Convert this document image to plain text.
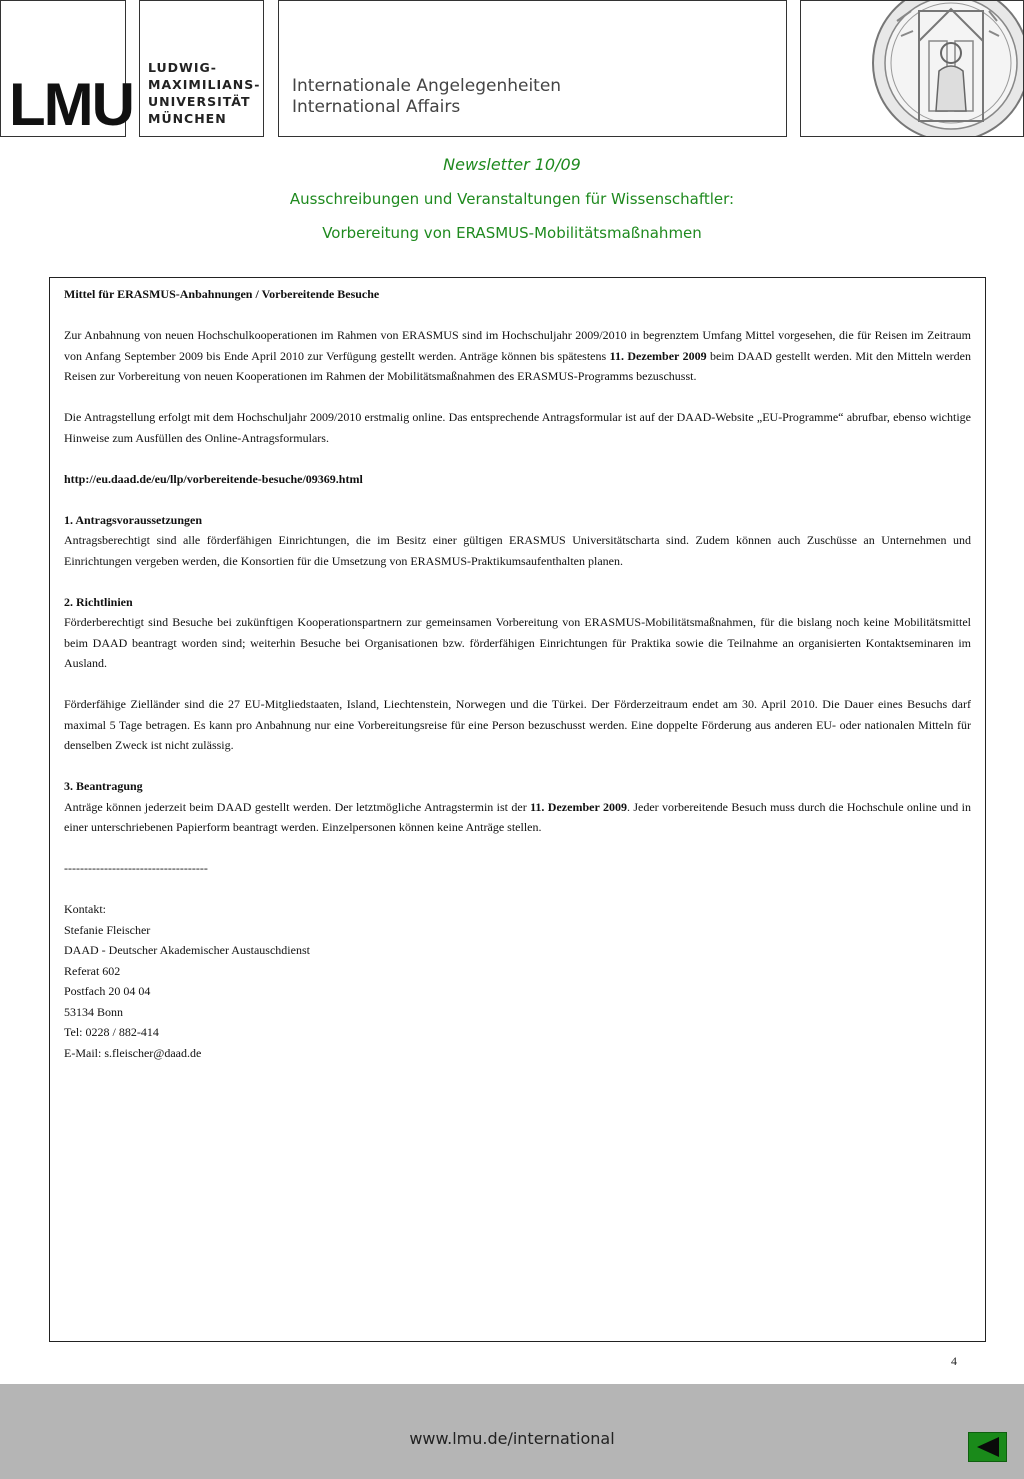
LMU
LUDWIG-
MAXIMILIANS-
UNIVERSITÄT
MÜNCHEN
Internationale Angelegenheiten
International Affairs
Newsletter 10/09
Ausschreibungen und Veranstaltungen für Wissenschaftler:
Vorbereitung von ERASMUS-Mobilitätsmaßnahmen

Mittel für ERASMUS-Anbahnungen / Vorbereitende Besuche

Zur Anbahnung von neuen Hochschulkooperationen im Rahmen von ERASMUS sind im Hochschuljahr 2009/2010 in begrenztem Umfang Mittel vorgesehen, die für Reisen im Zeitraum von Anfang September 2009 bis Ende April 2010 zur Verfügung gestellt werden. Anträge können bis spätestens 11. Dezember 2009 beim DAAD gestellt werden. Mit den Mitteln werden Reisen zur Vorbereitung von neuen Kooperationen im Rahmen der Mobilitätsmaßnahmen des ERASMUS-Programms bezuschusst.

Die Antragstellung erfolgt mit dem Hochschuljahr 2009/2010 erstmalig online. Das entsprechende Antragsformular ist auf der DAAD-Website „EU-Programme“ abrufbar, ebenso wichtige Hinweise zum Ausfüllen des Online-Antragsformulars.

http://eu.daad.de/eu/llp/vorbereitende-besuche/09369.html

1. Antragsvoraussetzungen

Antragsberechtigt sind alle förderfähigen Einrichtungen, die im Besitz einer gültigen ERASMUS Universitätscharta sind. Zudem können auch Zuschüsse an Unternehmen und Einrichtungen vergeben werden, die Konsortien für die Umsetzung von ERASMUS-Praktikumsaufenthalten planen.

2. Richtlinien

Förderberechtigt sind Besuche bei zukünftigen Kooperationspartnern zur gemeinsamen Vorbereitung von ERASMUS-Mobilitätsmaßnahmen, für die bislang noch keine Mobilitätsmittel beim DAAD beantragt worden sind; weiterhin Besuche bei Organisationen bzw. förderfähigen Einrichtungen für Praktika sowie die Teilnahme an organisierten Kontaktseminaren im Ausland.

Förderfähige Zielländer sind die 27 EU-Mitgliedstaaten, Island, Liechtenstein, Norwegen und die Türkei. Der Förderzeitraum endet am 30. April 2010. Die Dauer eines Besuchs darf maximal 5 Tage betragen. Es kann pro Anbahnung nur eine Vorbereitungsreise für eine Person bezuschusst werden. Eine doppelte Förderung aus anderen EU- oder nationalen Mitteln für denselben Zweck ist nicht zulässig.

3. Beantragung

Anträge können jederzeit beim DAAD gestellt werden. Der letztmögliche Antragstermin ist der 11. Dezember 2009. Jeder vorbereitende Besuch muss durch die Hochschule online und in einer unterschriebenen Papierform beantragt werden. Einzelpersonen können keine Anträge stellen.

------------------------------------

Kontakt:

Stefanie Fleischer

DAAD - Deutscher Akademischer Austauschdienst

Referat 602

Postfach 20 04 04

53134 Bonn

Tel: 0228 / 882-414

E-Mail: s.fleischer@daad.de

4
www.lmu.de/international
